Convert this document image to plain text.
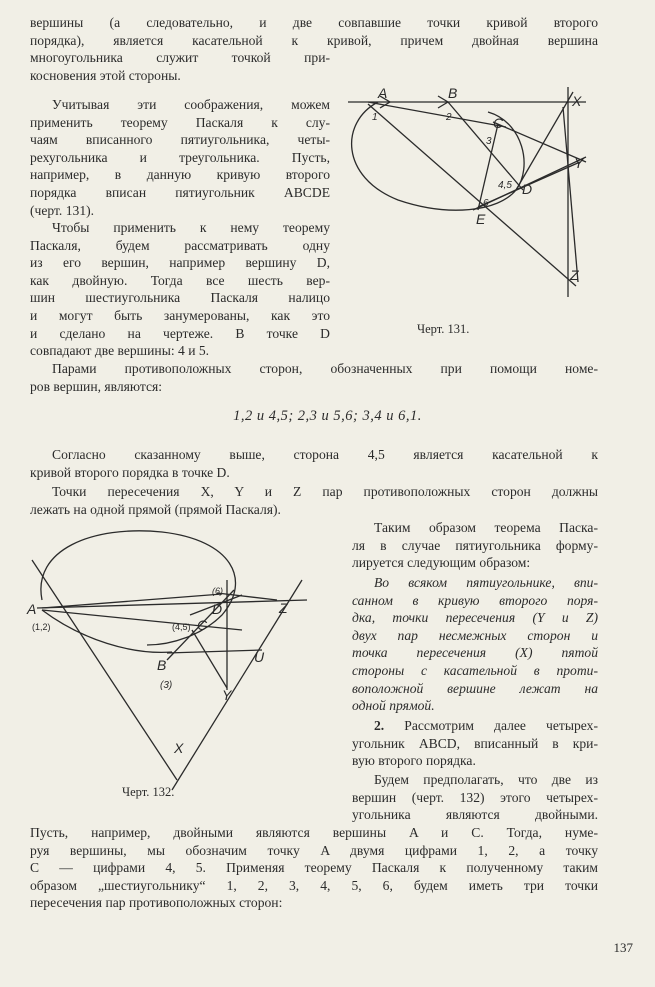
вершины (а следовательно, и две совпавшие точки кривой второго
порядка), является касательной к кривой, причем двойная вершина
многоугольника служит точкой при-
косновения этой стороны.
Учитывая эти соображения, можем
применить теорему Паскаля к слу-
чаям вписанного пятиугольника, четы-
рехугольника и треугольника. Пусть,
например, в данную кривую второго
порядка вписан пятиугольник ABCDE
(черт. 131).
Чтобы применить к нему теорему
Паскаля, будем рассматривать одну
из его вершин, например вершину D,
как двойную. Тогда все шесть вер-
шин шестиугольника Паскаля налицо
и могут быть занумерованы, как это
и сделано на чертеже. В точке D
совпадают две вершины: 4 и 5.
A	B
C
D
E
X
Y
Z
1	2
3
4,5
6
Черт. 131.
Парами противоположных сторон, обозначенных при помощи номе-
ров вершин, являются:
1,2 и 4,5; 2,3 и 5,6; 3,4 и 6,1.
Согласно сказанному выше, сторона 4,5 является касательной к
кривой второго порядка в точке D.
Точки пересечения X, Y и Z пар противоположных сторон должны
лежать на одной прямой (прямой Паскаля).
A
(1,2)
B
(3)
C
(4,5)
D
(6)
Z
U
Y
X
Черт. 132.
Таким образом теорема Паска-
ля в случае пятиугольника форму-
лируется следующим образом:
Во всяком пятиугольнике, впи-
санном в кривую второго поря-
дка, точки пересечения (Y и Z)
двух пар несмежных сторон и
точка пересечения (X) пятой
стороны с касательной в проти-
воположной вершине лежат на
одной прямой.
2. Рассмотрим далее четырех-
угольник ABCD, вписанный в кри-
вую второго порядка.
Будем предполагать, что две из
вершин (черт. 132) этого четырех-
угольника являются двойными.
Пусть, например, двойными являются вершины A и C. Тогда, нуме-
руя вершины, мы обозначим точку A двумя цифрами 1, 2, а точку
C — цифрами 4, 5. Применяя теорему Паскаля к полученному таким
образом „шестиугольнику“ 1, 2, 3, 4, 5, 6, будем иметь три точки
пересечения пар противоположных сторон:
137
